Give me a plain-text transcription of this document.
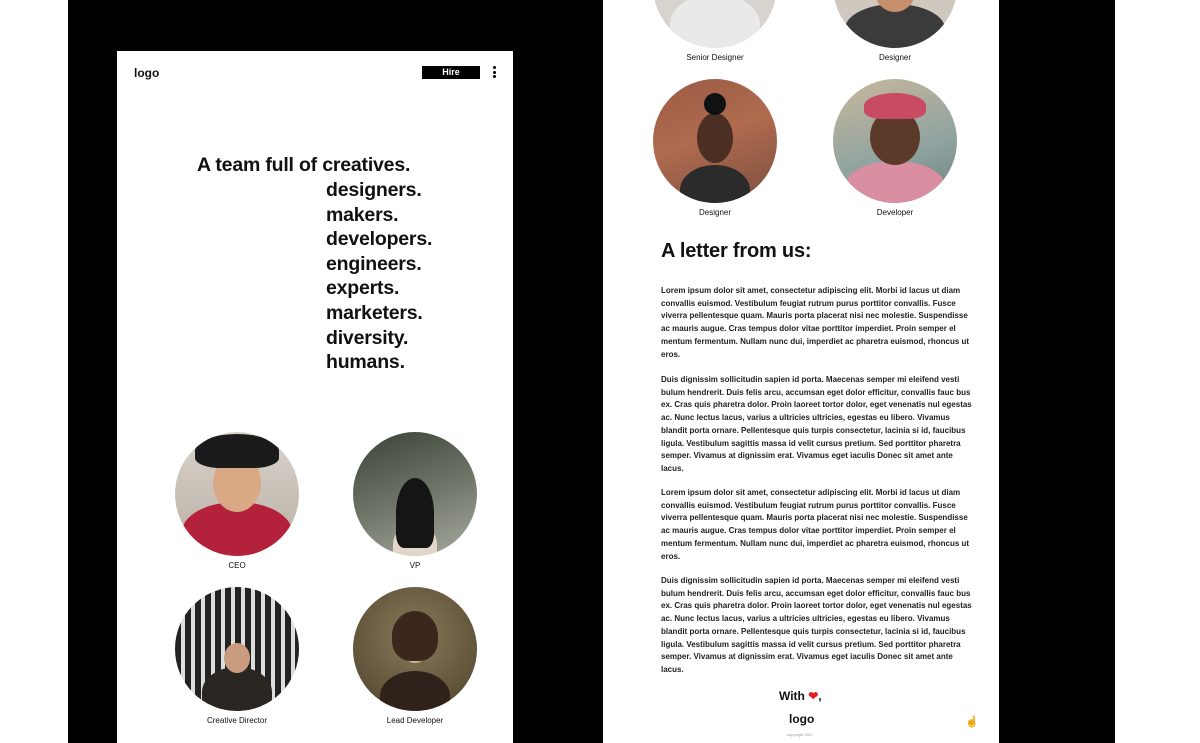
logo	Hire
A team full of creatives.
designers.
makers.
developers.
engineers.
experts.
marketers.
diversity.
humans.
CEO	VP
Creative Director	Lead Developer
Senior Designer	Designer
Designer	Developer
A letter from us:

Lorem ipsum dolor sit amet, consectetur adipiscing elit. Morbi id lacus ut diam convallis euismod. Vestibulum feugiat rutrum purus porttitor convallis. Fusce viverra pellentesque quam. Mauris porta placerat nisi nec molestie. Suspendisse ac mauris augue. Cras tempus dolor vitae porttitor imperdiet. Proin semper el mentum fermentum. Nullam nunc dui, imperdiet ac pharetra euismod, rhoncus ut eros.

Duis dignissim sollicitudin sapien id porta. Maecenas semper mi eleifend vesti bulum hendrerit. Duis felis arcu, accumsan eget dolor efficitur, convallis fauc bus ex. Cras quis pharetra dolor. Proin laoreet tortor dolor, eget venenatis nul egestas ac. Nunc lectus lacus, varius a ultricies ultricies, egestas eu libero. Vivamus blandit porta ornare. Pellentesque quis turpis consectetur, lacinia si id, faucibus ligula. Vestibulum sagittis massa id velit cursus pretium. Sed porttitor pharetra semper. Vivamus at dignissim erat. Vivamus eget iaculis Donec sit amet ante lacus.

Lorem ipsum dolor sit amet, consectetur adipiscing elit. Morbi id lacus ut diam convallis euismod. Vestibulum feugiat rutrum purus porttitor convallis. Fusce viverra pellentesque quam. Mauris porta placerat nisi nec molestie. Suspendisse ac mauris augue. Cras tempus dolor vitae porttitor imperdiet. Proin semper el mentum fermentum. Nullam nunc dui, imperdiet ac pharetra euismod, rhoncus ut eros.

Duis dignissim sollicitudin sapien id porta. Maecenas semper mi eleifend vesti bulum hendrerit. Duis felis arcu, accumsan eget dolor efficitur, convallis fauc bus ex. Cras quis pharetra dolor. Proin laoreet tortor dolor, eget venenatis nul egestas ac. Nunc lectus lacus, varius a ultricies ultricies, egestas eu libero. Vivamus blandit porta ornare. Pellentesque quis turpis consectetur, lacinia si id, faucibus ligula. Vestibulum sagittis massa id velit cursus pretium. Sed porttitor pharetra semper. Vivamus at dignissim erat. Vivamus eget iaculis Donec sit amet ante lacus.

With ❤,
logo
copyright 2017
☝
